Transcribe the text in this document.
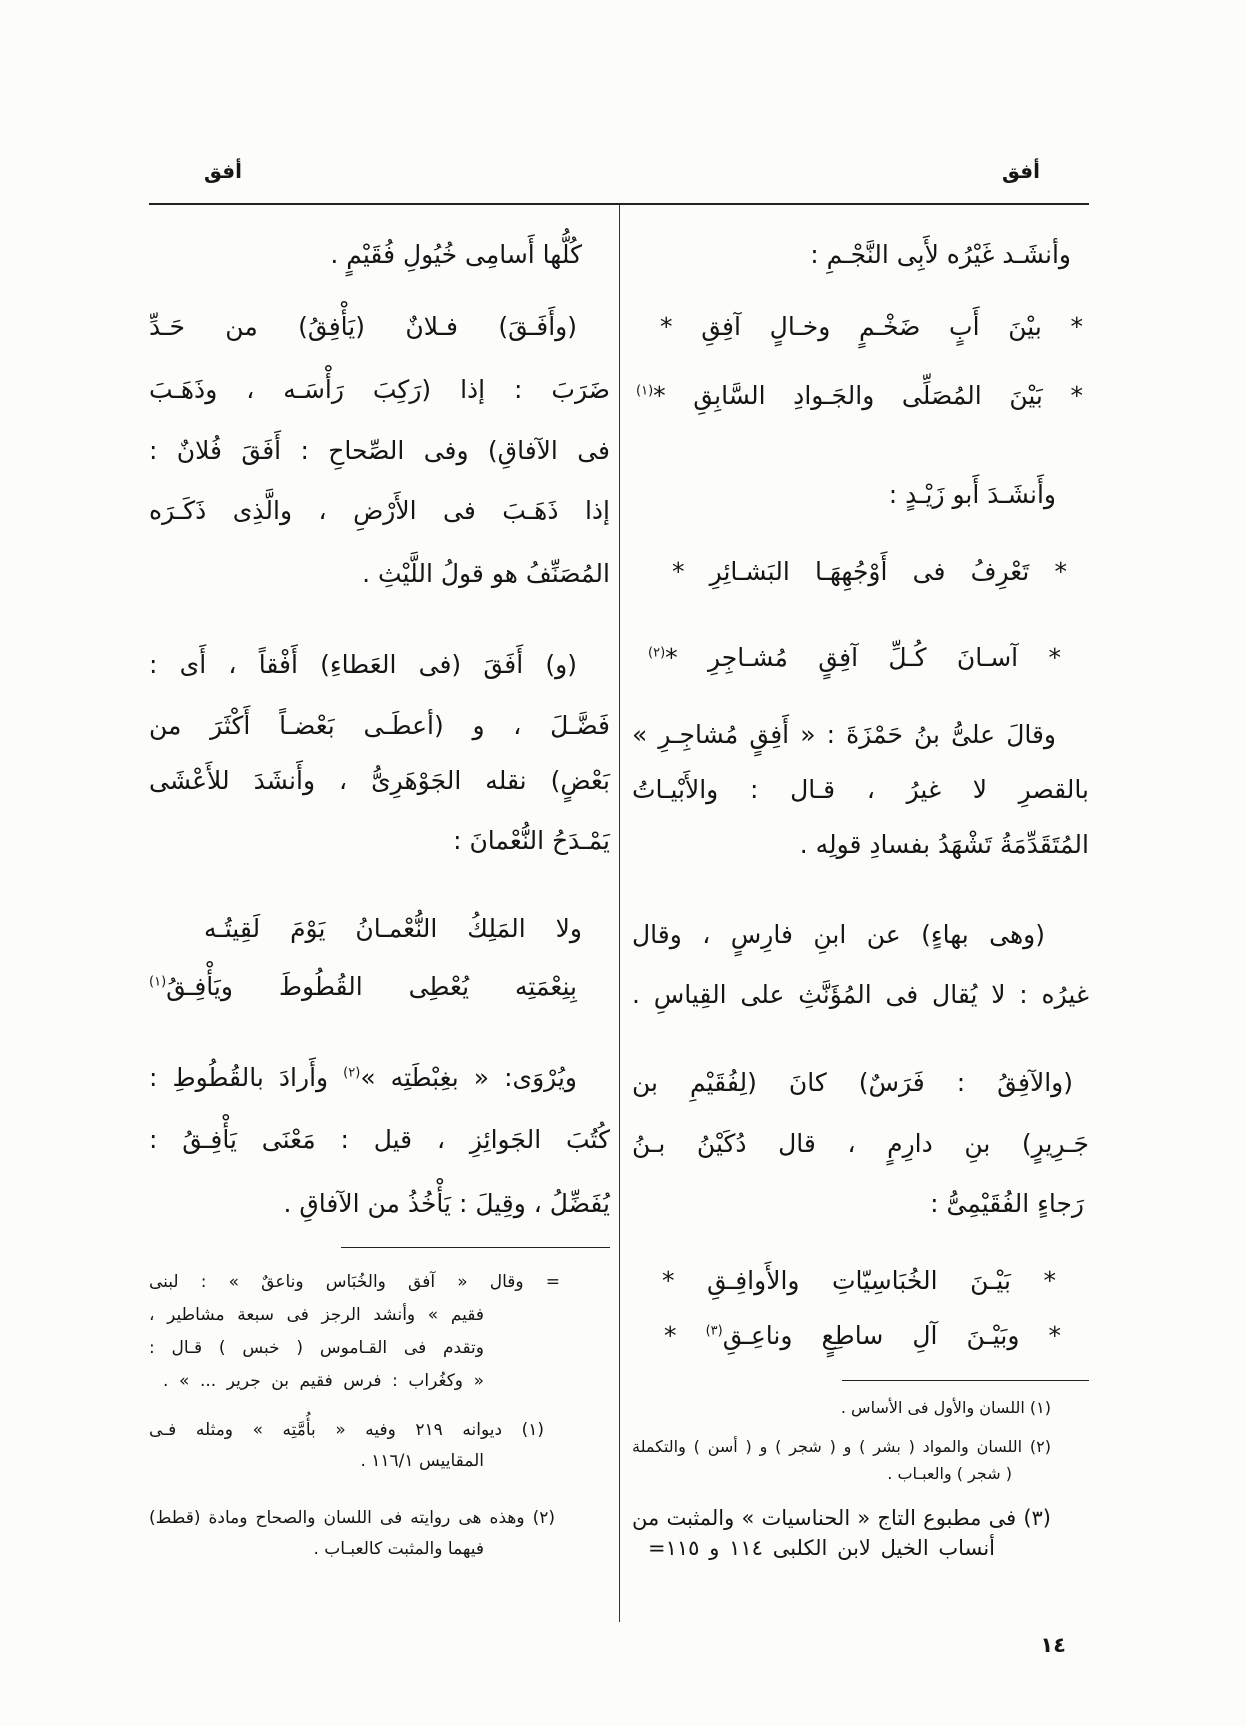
أفق
أفق
وأنشَـد غَيْرُه لأَبِى النَّجْـمِ :
* بيْنَ أَبٍ ضَخْـمٍ وخـالٍ آفِقِ *
* بَيْنَ المُصَلِّى والجَـوادِ السَّابِقِ *$^{(١)}$
وأَنشَـدَ أَبو زَيْـدٍ :
* تَعْرِفُ فى أَوْجُهِهَـا البَشـائِرِ *
* آسـانَ كُـلِّ آفِقٍ مُشـاجِرِ *$^{(٢)}$
وقالَ علىُّ بنُ حَمْزَةَ : « أَفِقٍ مُشاجِـرِ »
بالقصرِ لا غيرُ ، قـال : والأَبْيـاتُ
المُتَقَدِّمَةُ تَشْهَدُ بفسادِ قولِه .
(وهى بهاءٍ) عن ابنِ فارِسٍ ، وقال
غيرُه : لا يُقال فى المُؤَنَّثِ على القِياسِ .
(والآفِقُ : فَرَسٌ) كانَ (لِفُقَيْمِ بن
جَـرِيرٍ) بنِ دارِمٍ ، قال دُكَيْنُ بـنُ
رَجاءٍ الفُقَيْمِىُّ :
* بَيْـنَ الخُبَاسِيّاتِ والأَوافِـقِ *
* وبَيْـنَ آلِ ساطِعٍ وناعِـقِ$^{(٣)}$ *
(١) اللسان والأول فى الأساس .
(٢) اللسان والمواد ( بشر ) و ( شجر ) و ( أسن ) والتكملة
( شجر ) والعبـاب .
(٣) فى مطبوع التاج « الحناسيات » والمثبت من
أنساب الخيل لابن الكلبى ١١٤ و ١١٥=
كُلُّها أَسامِى خُيُولِ فُقَيْمٍ .
(وأَفَـقَ) فـلانٌ (يَأْفِقُ) من حَـدِّ
ضَرَبَ : إذا (رَكِبَ رَأْسَـه ، وذَهَـبَ
فى الآفاقِ) وفى الصِّحاحِ : أَفَقَ فُلانٌ :
إذا ذَهَـبَ فى الأَرْضِ ، والَّذِى ذَكَـرَه
المُصَنِّفُ هو قولُ اللَّيْثِ .
(و) أَفَقَ (فى العَطاءِ) أَفْقاً ، أَى :
فَضَّـلَ ، و (أعطَـى بَعْضـاً أَكْثَرَ من
بَعْضٍ) نقله الجَوْهَرِىُّ ، وأَنشَدَ للأَعْشَى
يَمْـدَحُ النُّعْمانَ :
ولا المَلِكُ النُّعْمـانُ يَوْمَ لَقِيتُـه
بِنِعْمَتِه يُعْطِى القُطُوطَ ويَأْفِـقُ$^{(١)}$
ويُرْوَى: « بغِبْطَتِه »$^{(٢)}$ وأَرادَ بالقُطُوطِ :
كُتُبَ الجَوائِزِ ، قيل : مَعْنَى يَأْفِـقُ :
يُفَضِّلُ ، وقِيلَ : يَأْخُذُ من الآفاقِ .
= وقال « آفق والخُبَاس وناعقٌ » : لبنى
فقيم » وأنشد الرجز فى سبعة مشاطير ،
وتقدم فى القـاموس ( خبس ) قـال :
« وكغُراب : فرس فقيم بن جرير ... » .
(١) ديوانه ٢١٩ وفيه « بأُمَّتِه » ومثله فـى
المقاييس ١١٦/١ .
(٢) وهذه هى روايته فى اللسان والصحاح ومادة (قطط)
فيهما والمثبت كالعبـاب .
١٤
